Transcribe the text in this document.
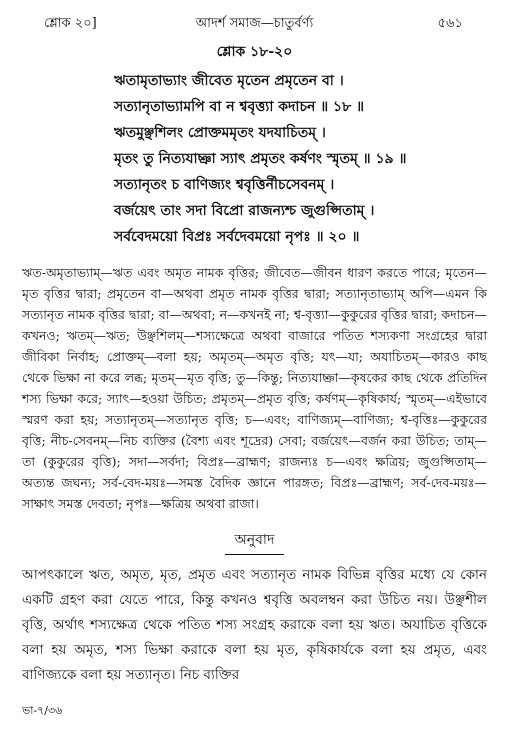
আদর্শ সমাজ—চাতুর্বর্ণ্য
শ্লোক ২০]	৫৬১
শ্লোক ১৮-২০
ঋতামৃতাভ্যাং জীবেত মৃতেন প্রমৃতেন বা ।
সত্যানৃতাভ্যামপি বা ন শ্ববৃত্ত্যা কদাচন ॥ ১৮ ॥
ঋতমুঞ্ছশিলং প্রোক্তমমৃতং যদযাচিতম্ ।
মৃতং তু নিত্যযাচ্ঞা স্যাৎ প্রমৃতং কর্ষণং স্মৃতম্ ॥ ১৯ ॥
সত্যানৃতং চ বাণিজ্যং শ্ববৃত্তির্নীচসেবনম্ ।
বর্জয়েৎ তাং সদা বিপ্রো রাজন্যশ্চ জুগুপ্সিতাম্ ।
সর্ববেদময়ো বিপ্রঃ সর্বদেবময়ো নৃপঃ ॥ ২০ ॥
ঋত-অমৃতাভ্যাম্—ঋত এবং অমৃত নামক বৃত্তির; জীবেত—জীবন ধারণ করতে পারে; মৃতেন—মৃত বৃত্তির দ্বারা; প্রমৃতেন বা—অথবা প্রমৃত নামক বৃত্তির দ্বারা; সত্যানৃতাভ্যাম্ অপি—এমন কি সত্যানৃত নামক বৃত্তির দ্বারা; বা—অথবা; ন—কখনই না; শ্ব-বৃত্ত্যা—কুকুরের বৃত্তির দ্বারা; কদাচন—কখনও; ঋতম্—ঋত; উঞ্ছশিলম্—শস্যক্ষেত্রে অথবা বাজারে পতিত শস্যকণা সংগ্রহের দ্বারা জীবিকা নির্বাহ; প্রোক্তম্—বলা হয়; অমৃতম্—অমৃত বৃত্তি; যৎ—যা; অযাচিতম্—কারও কাছ থেকে ভিক্ষা না করে লব্ধ; মৃতম্—মৃত বৃত্তি; তু—কিন্তু; নিত্যযাচ্ঞা—কৃষকের কাছ থেকে প্রতিদিন শস্য ভিক্ষা করে; স্যাৎ—হওয়া উচিত; প্রমৃতম্—প্রমৃত বৃত্তি; কর্ষণম্—কৃষিকার্য; স্মৃতম্—এইভাবে স্মরণ করা হয়; সত্যানৃতম্—সত্যানৃত বৃত্তি; চ—এবং; বাণিজ্যম্—বাণিজ্য; শ্ব-বৃত্তিঃ—কুকুরের বৃত্তি; নীচ-সেবনম্—নিচ ব্যক্তির (বৈশ্য এবং শূদ্রের) সেবা; বর্জয়েৎ—বর্জন করা উচিত; তাম্—তা (কুকুরের বৃত্তি); সদা—সর্বদা; বিপ্রঃ—ব্রাহ্মণ; রাজন্যঃ চ—এবং ক্ষত্রিয়; জুগুপ্সিতাম্—অত্যন্ত জঘন্য; সর্ব-বেদ-ময়ঃ—সমস্ত বৈদিক জ্ঞানে পারঙ্গত; বিপ্রঃ—ব্রাহ্মণ; সর্ব-দেব-ময়ঃ—সাক্ষাৎ সমস্ত দেবতা; নৃপঃ—ক্ষত্রিয় অথবা রাজা।
অনুবাদ
আপৎকালে ঋত, অমৃত, মৃত, প্রমৃত এবং সত্যানৃত নামক বিভিন্ন বৃত্তির মধ্যে যে কোন একটি গ্রহণ করা যেতে পারে, কিন্তু কখনও শ্ববৃত্তি অবলম্বন করা উচিত নয়। উঞ্ছশীল বৃত্তি, অর্থাৎ শস্যক্ষেত্র থেকে পতিত শস্য সংগ্রহ করাকে বলা হয় ঋত। অযাচিত বৃত্তিকে বলা হয় অমৃত, শস্য ভিক্ষা করাকে বলা হয় মৃত, কৃষিকার্যকে বলা হয় প্রমৃত, এবং বাণিজ্যকে বলা হয় সত্যানৃত। নিচ ব্যক্তির
ভা-৭/৩৬
